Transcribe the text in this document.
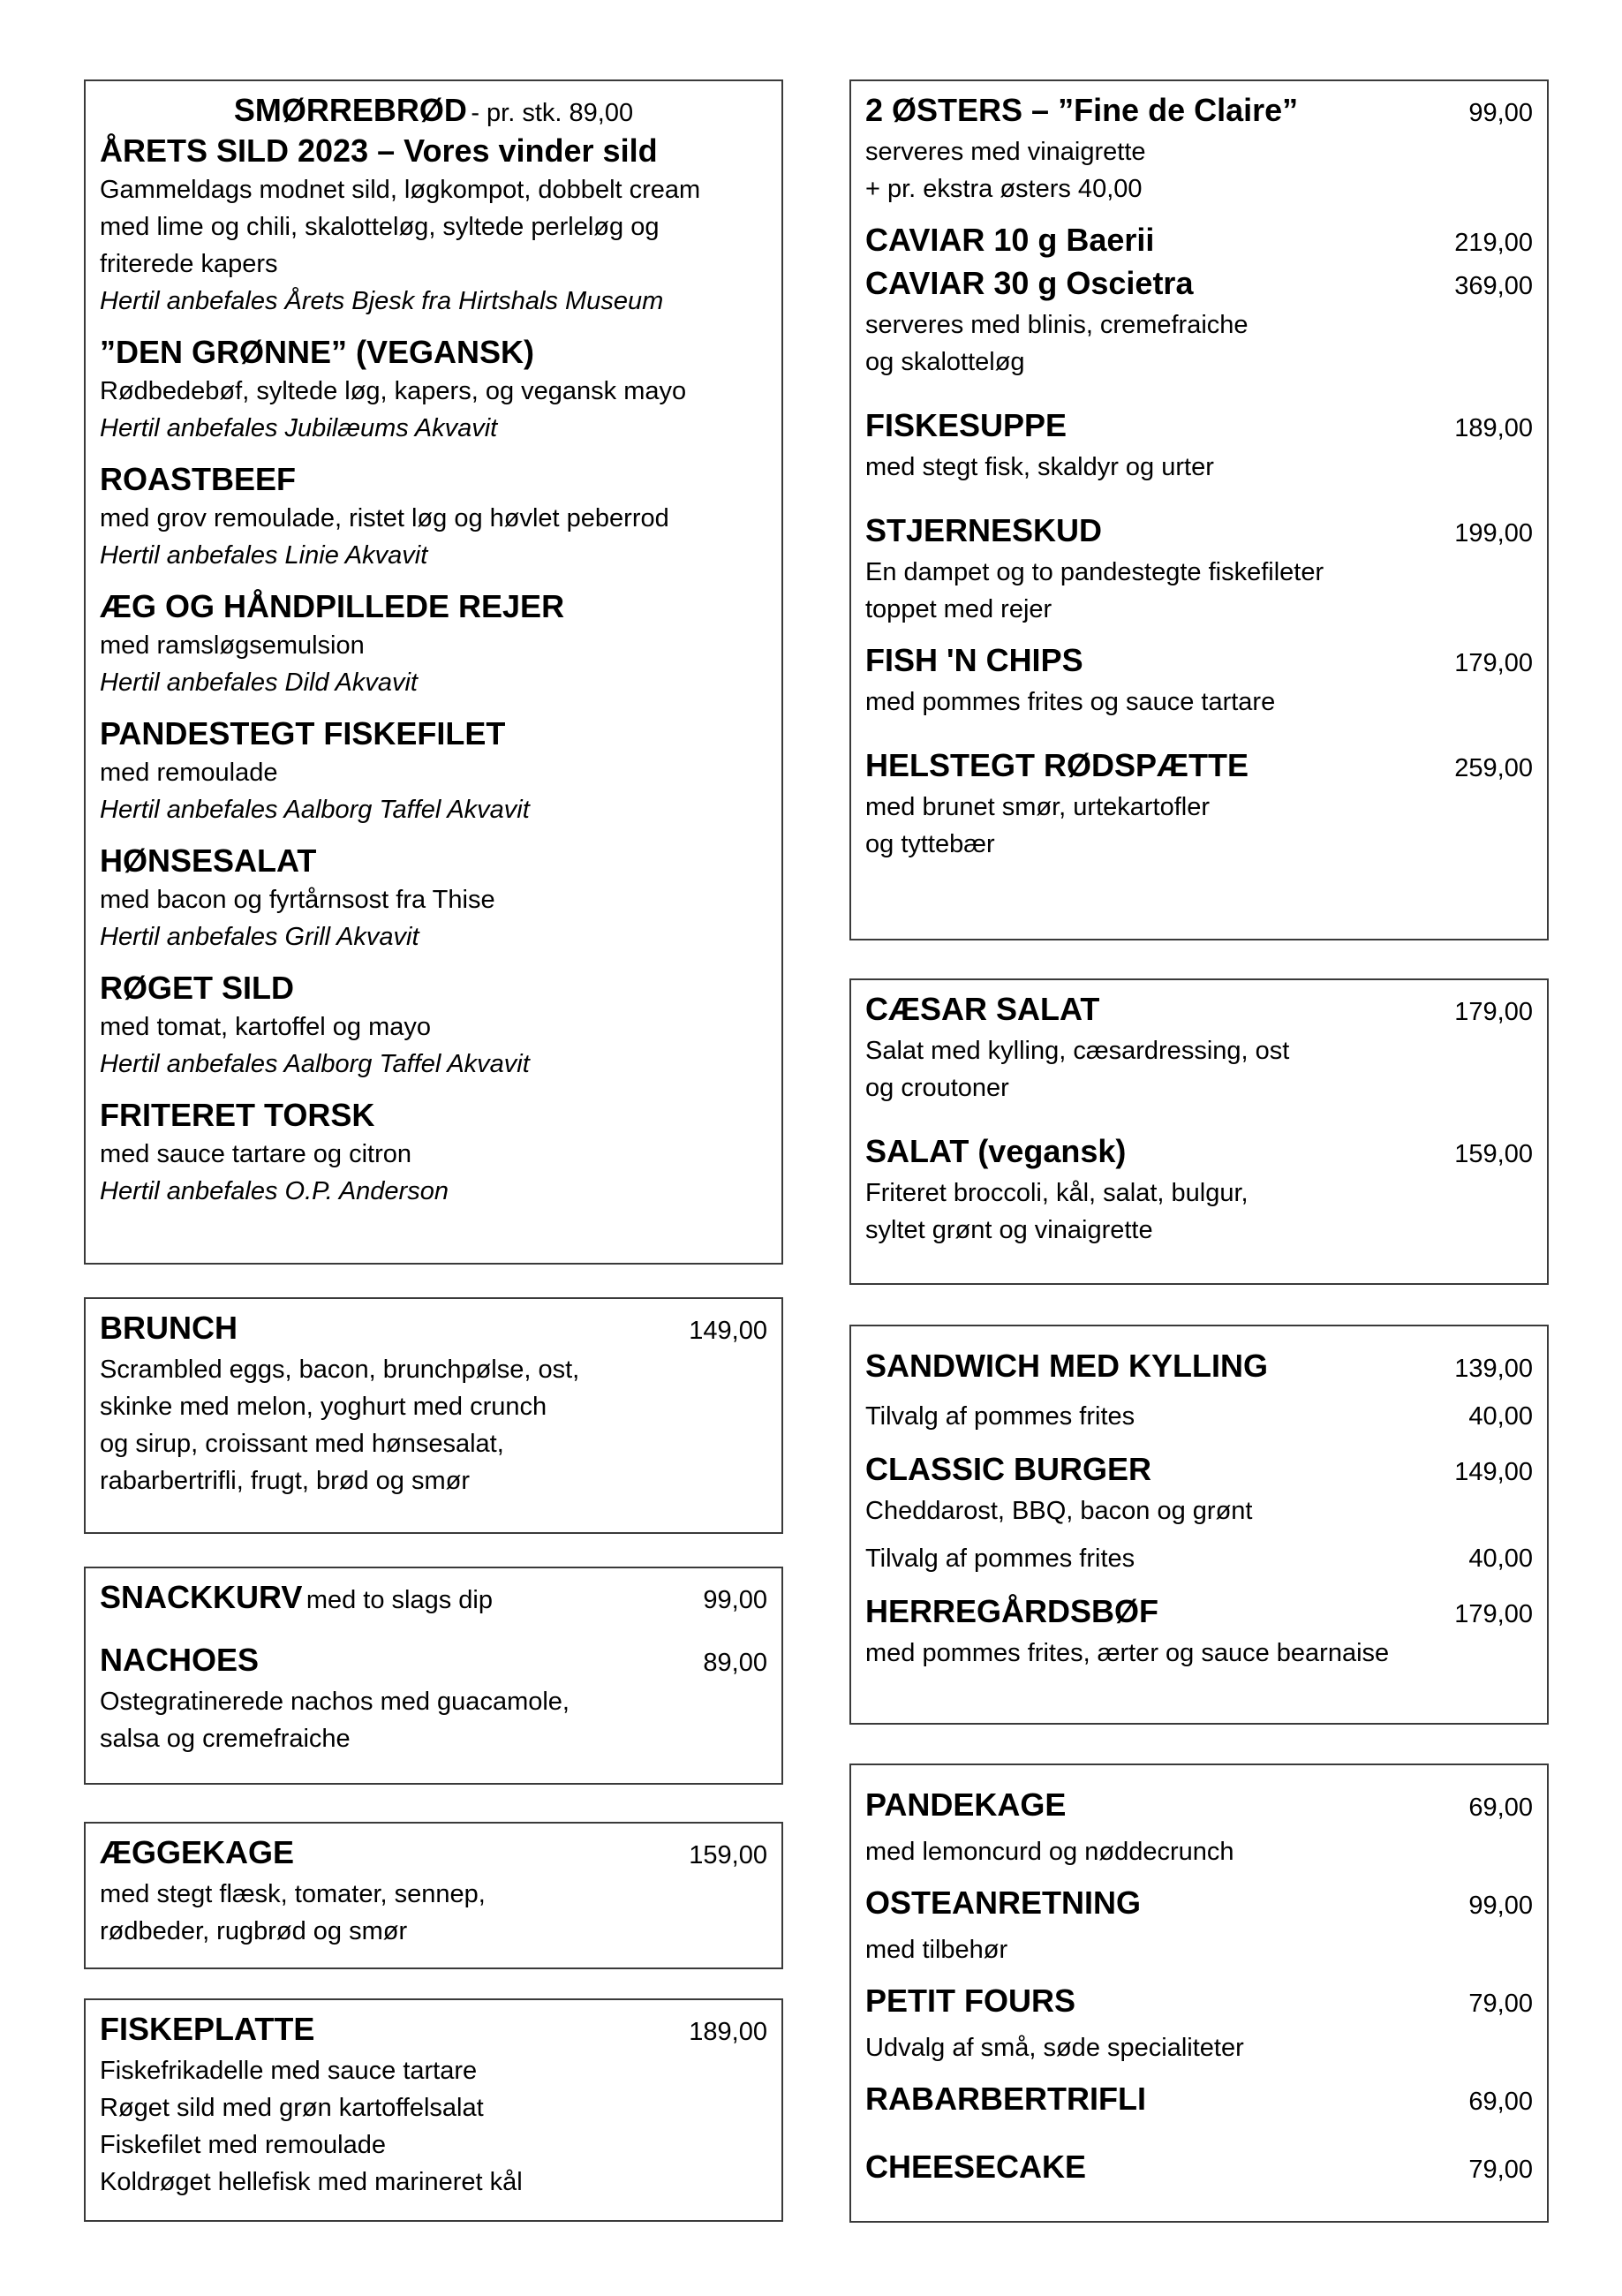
SMØRREBRØD - pr. stk. 89,00
ÅRETS SILD 2023 – Vores vinder sild
Gammeldags modnet sild, løgkompot, dobbelt cream
med lime og chili, skalotteløg, syltede perleløg og
friterede kapers
Hertil anbefales Årets Bjesk fra Hirtshals Museum
”DEN GRØNNE” (VEGANSK)
Rødbedebøf, syltede løg, kapers, og vegansk mayo
Hertil anbefales Jubilæums Akvavit
ROASTBEEF
med grov remoulade, ristet løg og høvlet peberrod
Hertil anbefales Linie Akvavit
ÆG OG HÅNDPILLEDE REJER
med ramsløgsemulsion
Hertil anbefales Dild Akvavit
PANDESTEGT FISKEFILET
med remoulade
Hertil anbefales Aalborg Taffel Akvavit
HØNSESALAT
med bacon og fyrtårnsost fra Thise
Hertil anbefales Grill Akvavit
RØGET SILD
med tomat, kartoffel og mayo
Hertil anbefales Aalborg Taffel Akvavit
FRITERET TORSK
med sauce tartare og citron
Hertil anbefales O.P. Anderson
BRUNCH	149,00
Scrambled eggs, bacon, brunchpølse, ost,
skinke med melon, yoghurt med crunch
og sirup, croissant med hønsesalat,
rabarbertrifli, frugt, brød og smør
SNACKKURV med to slags dip	99,00
NACHOES	89,00
Ostegratinerede nachos med guacamole,
salsa og cremefraiche
ÆGGEKAGE	159,00
med stegt flæsk, tomater, sennep,
rødbeder, rugbrød og smør
FISKEPLATTE	189,00
Fiskefrikadelle med sauce tartare
Røget sild med grøn kartoffelsalat
Fiskefilet med remoulade
Koldrøget hellefisk med marineret kål
2 ØSTERS – ”Fine de Claire”	99,00
serveres med vinaigrette
+ pr. ekstra østers 40,00
CAVIAR 10 g Baerii	219,00
CAVIAR 30 g Oscietra	369,00
serveres med blinis, cremefraiche
og skalotteløg
FISKESUPPE	189,00
med stegt fisk, skaldyr og urter
STJERNESKUD	199,00
En dampet og to pandestegte fiskefileter
toppet med rejer
FISH 'N CHIPS	179,00
med pommes frites og sauce tartare
HELSTEGT RØDSPÆTTE	259,00
med brunet smør, urtekartofler
og tyttebær
CÆSAR SALAT	179,00
Salat med kylling, cæsardressing, ost
og croutoner
SALAT (vegansk)	159,00
Friteret broccoli, kål, salat, bulgur,
syltet grønt og vinaigrette
SANDWICH MED KYLLING	139,00
Tilvalg af pommes frites	40,00
CLASSIC BURGER	149,00
Cheddarost, BBQ, bacon og grønt
Tilvalg af pommes frites	40,00
HERREGÅRDSBØF	179,00
med pommes frites, ærter og sauce bearnaise
PANDEKAGE	69,00
med lemoncurd og nøddecrunch
OSTEANRETNING	99,00
med tilbehør
PETIT FOURS	79,00
Udvalg af små, søde specialiteter
RABARBERTRIFLI	69,00
CHEESECAKE	79,00
